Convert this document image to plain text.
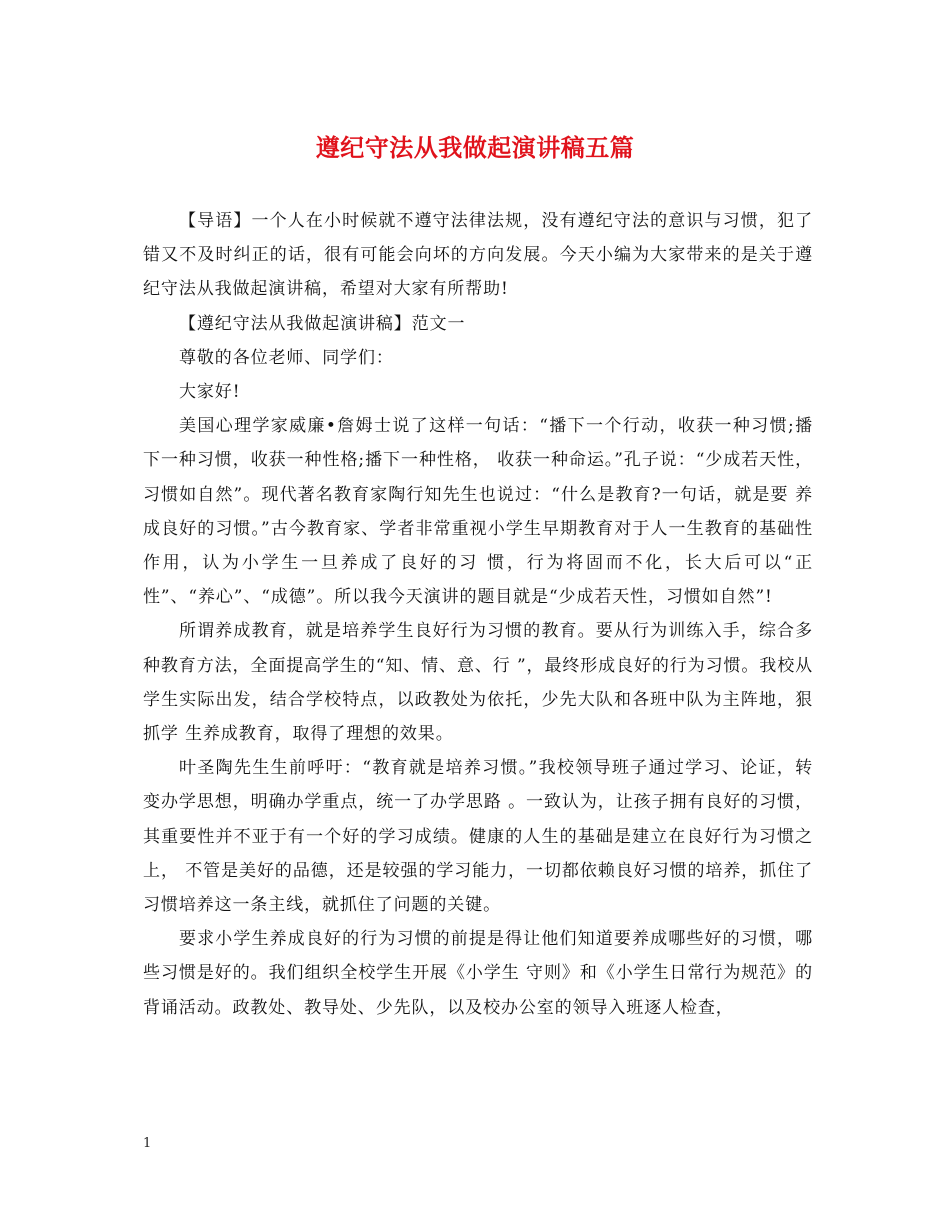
遵纪守法从我做起演讲稿五篇

【导语】一个人在小时候就不遵守法律法规，没有遵纪守法的意识与习惯，犯了错又不及时纠正的话，很有可能会向坏的方向发展。今天小编为大家带来的是关于遵纪守法从我做起演讲稿，希望对大家有所帮助!

【遵纪守法从我做起演讲稿】范文一

尊敬的各位老师、同学们：

大家好!

美国心理学家威廉•詹姆士说了这样一句话：“播下一个行动，收获一种习惯;播下一种习惯，收获一种性格;播下一种性格， 收获一种命运。”孔子说：“少成若天性，习惯如自然”。现代著名教育家陶行知先生也说过：“什么是教育?一句话，就是要 养成良好的习惯。”古今教育家、学者非常重视小学生早期教育对于人一生教育的基础性作用，认为小学生一旦养成了良好的习 惯，行为将固而不化，长大后可以“正性”、“养心”、“成德”。所以我今天演讲的题目就是“少成若天性，习惯如自然”!

所谓养成教育，就是培养学生良好行为习惯的教育。要从行为训练入手，综合多种教育方法，全面提高学生的“知、情、意、行 ”，最终形成良好的行为习惯。我校从学生实际出发，结合学校特点，以政教处为依托，少先大队和各班中队为主阵地，狠抓学 生养成教育，取得了理想的效果。

叶圣陶先生生前呼吁：“教育就是培养习惯。”我校领导班子通过学习、论证，转变办学思想，明确办学重点，统一了办学思路 。一致认为，让孩子拥有良好的习惯，其重要性并不亚于有一个好的学习成绩。健康的人生的基础是建立在良好行为习惯之上， 不管是美好的品德，还是较强的学习能力，一切都依赖良好习惯的培养，抓住了习惯培养这一条主线，就抓住了问题的关键。

要求小学生养成良好的行为习惯的前提是得让他们知道要养成哪些好的习惯，哪些习惯是好的。我们组织全校学生开展《小学生 守则》和《小学生日常行为规范》的背诵活动。政教处、教导处、少先队，以及校办公室的领导入班逐人检查，

1
